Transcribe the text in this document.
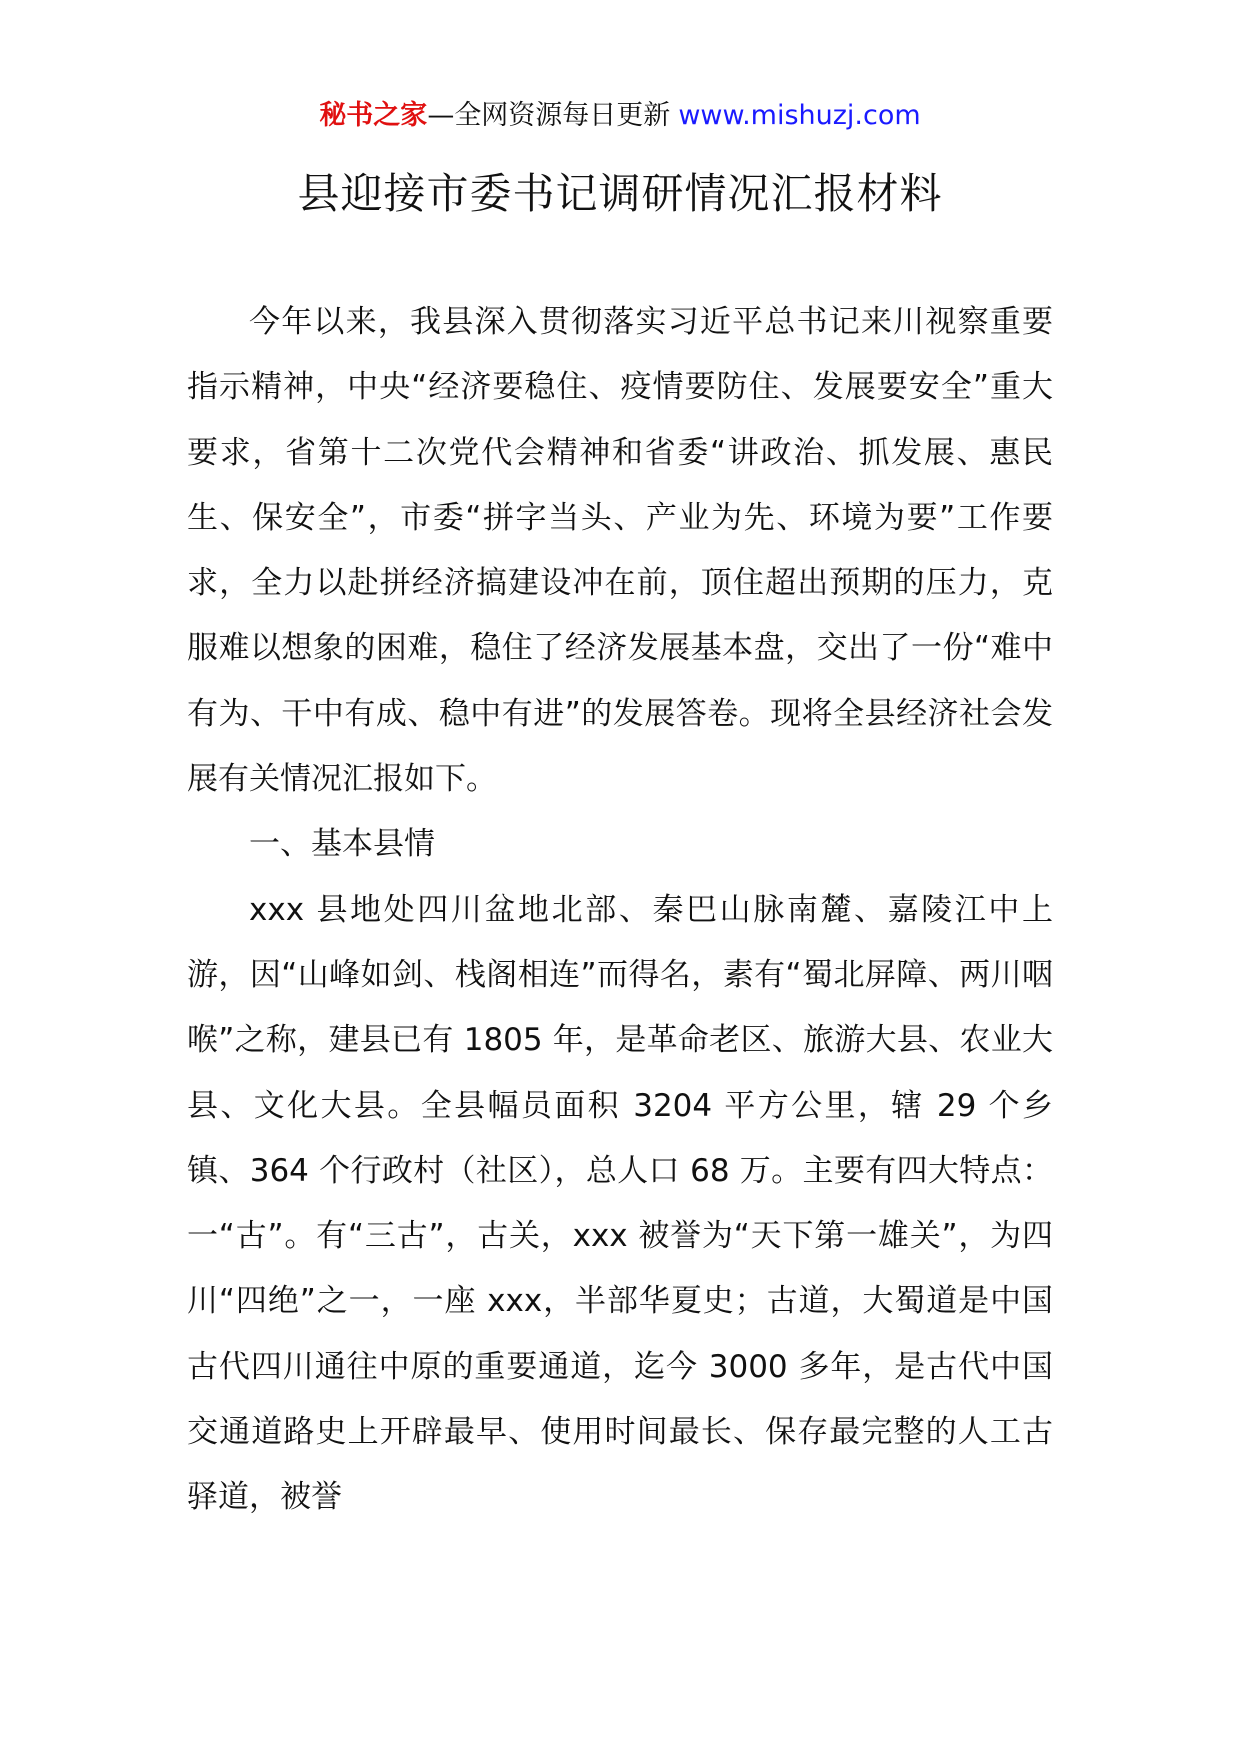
秘书之家—全网资源每日更新 www.mishuzj.com
县迎接市委书记调研情况汇报材料

今年以来，我县深入贯彻落实习近平总书记来川视察重要指示精神，中央“经济要稳住、疫情要防住、发展要安全”重大要求，省第十二次党代会精神和省委“讲政治、抓发展、惠民生、保安全”，市委“拼字当头、产业为先、环境为要”工作要求，全力以赴拼经济搞建设冲在前，顶住超出预期的压力，克服难以想象的困难，稳住了经济发展基本盘，交出了一份“难中有为、干中有成、稳中有进”的发展答卷。现将全县经济社会发展有关情况汇报如下。

一、基本县情

xxx 县地处四川盆地北部、秦巴山脉南麓、嘉陵江中上游，因“山峰如剑、栈阁相连”而得名，素有“蜀北屏障、两川咽喉”之称，建县已有 1805 年，是革命老区、旅游大县、农业大县、文化大县。全县幅员面积 3204 平方公里，辖 29 个乡镇、364 个行政村（社区），总人口 68 万。主要有四大特点：一“古”。有“三古”，古关，xxx 被誉为“天下第一雄关”，为四川“四绝”之一，一座 xxx，半部华夏史；古道，大蜀道是中国古代四川通往中原的重要通道，迄今 3000 多年，是古代中国交通道路史上开辟最早、使用时间最长、保存最完整的人工古驿道，被誉
